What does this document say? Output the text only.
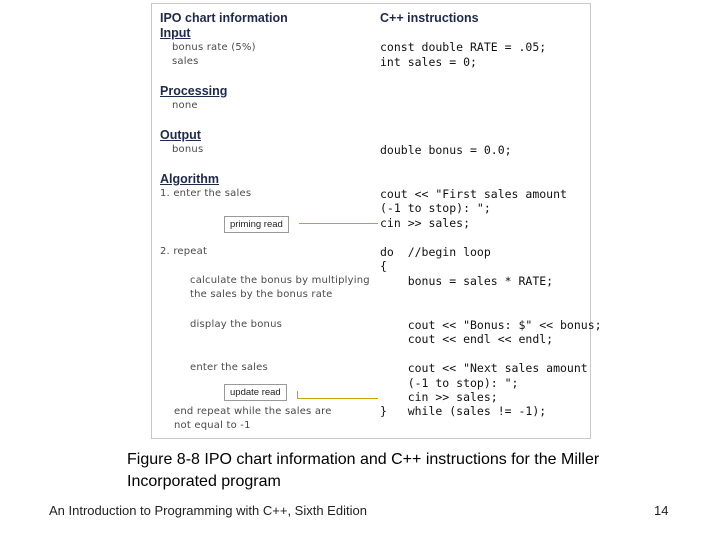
IPO chart information	C++ instructions
Input
bonus rate (5%)
sales
Processing
none
Output
bonus
Algorithm
1. enter the sales
2. repeat
calculate the bonus by multiplying
the sales by the bonus rate
display the bonus
enter the sales
end repeat while the sales are
not equal to -1
priming read
update read
const double RATE = .05;
int sales = 0;
double bonus = 0.0;
cout << "First sales amount
(-1 to stop): ";
cin >> sales;
do  //begin loop
{
bonus = sales * RATE;
cout << "Bonus: $" << bonus;
cout << endl << endl;
cout << "Next sales amount
(-1 to stop): ";
cin >> sales;
}   while (sales != -1);
Figure 8-8 IPO chart information and C++ instructions for the Miller Incorporated program
An Introduction to Programming with C++, Sixth Edition	14
